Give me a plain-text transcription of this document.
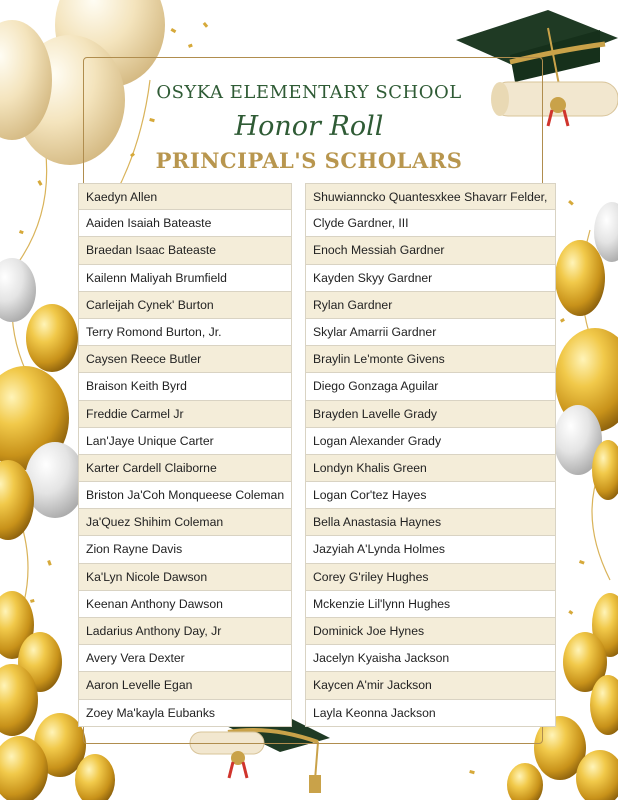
OSYKA ELEMENTARY SCHOOL
Honor Roll
PRINCIPAL'S SCHOLARS
Kaedyn Allen
Aaiden Isaiah Bateaste
Braedan Isaac Bateaste
Kailenn Maliyah Brumfield
Carleijah Cynek' Burton
Terry Romond Burton, Jr.
Caysen Reece Butler
Braison Keith Byrd
Freddie Carmel Jr
Lan'Jaye Unique Carter
Karter Cardell Claiborne
Briston Ja'Coh Monqueese Coleman
Ja'Quez Shihim Coleman
Zion Rayne Davis
Ka'Lyn Nicole Dawson
Keenan Anthony Dawson
Ladarius Anthony Day, Jr
Avery Vera Dexter
Aaron Levelle Egan
Zoey Ma'kayla Eubanks
Shuwianncko Quantesxkee Shavarr Felder,
Clyde Gardner, III
Enoch Messiah Gardner
Kayden Skyy Gardner
Rylan Gardner
Skylar Amarrii Gardner
Braylin Le'monte Givens
Diego Gonzaga Aguilar
Brayden Lavelle Grady
Logan Alexander Grady
Londyn Khalis Green
Logan Cor'tez Hayes
Bella Anastasia Haynes
Jazyiah A'Lynda Holmes
Corey G'riley Hughes
Mckenzie Lil'lynn Hughes
Dominick Joe Hynes
Jacelyn Kyaisha Jackson
Kaycen A'mir Jackson
Layla Keonna Jackson
